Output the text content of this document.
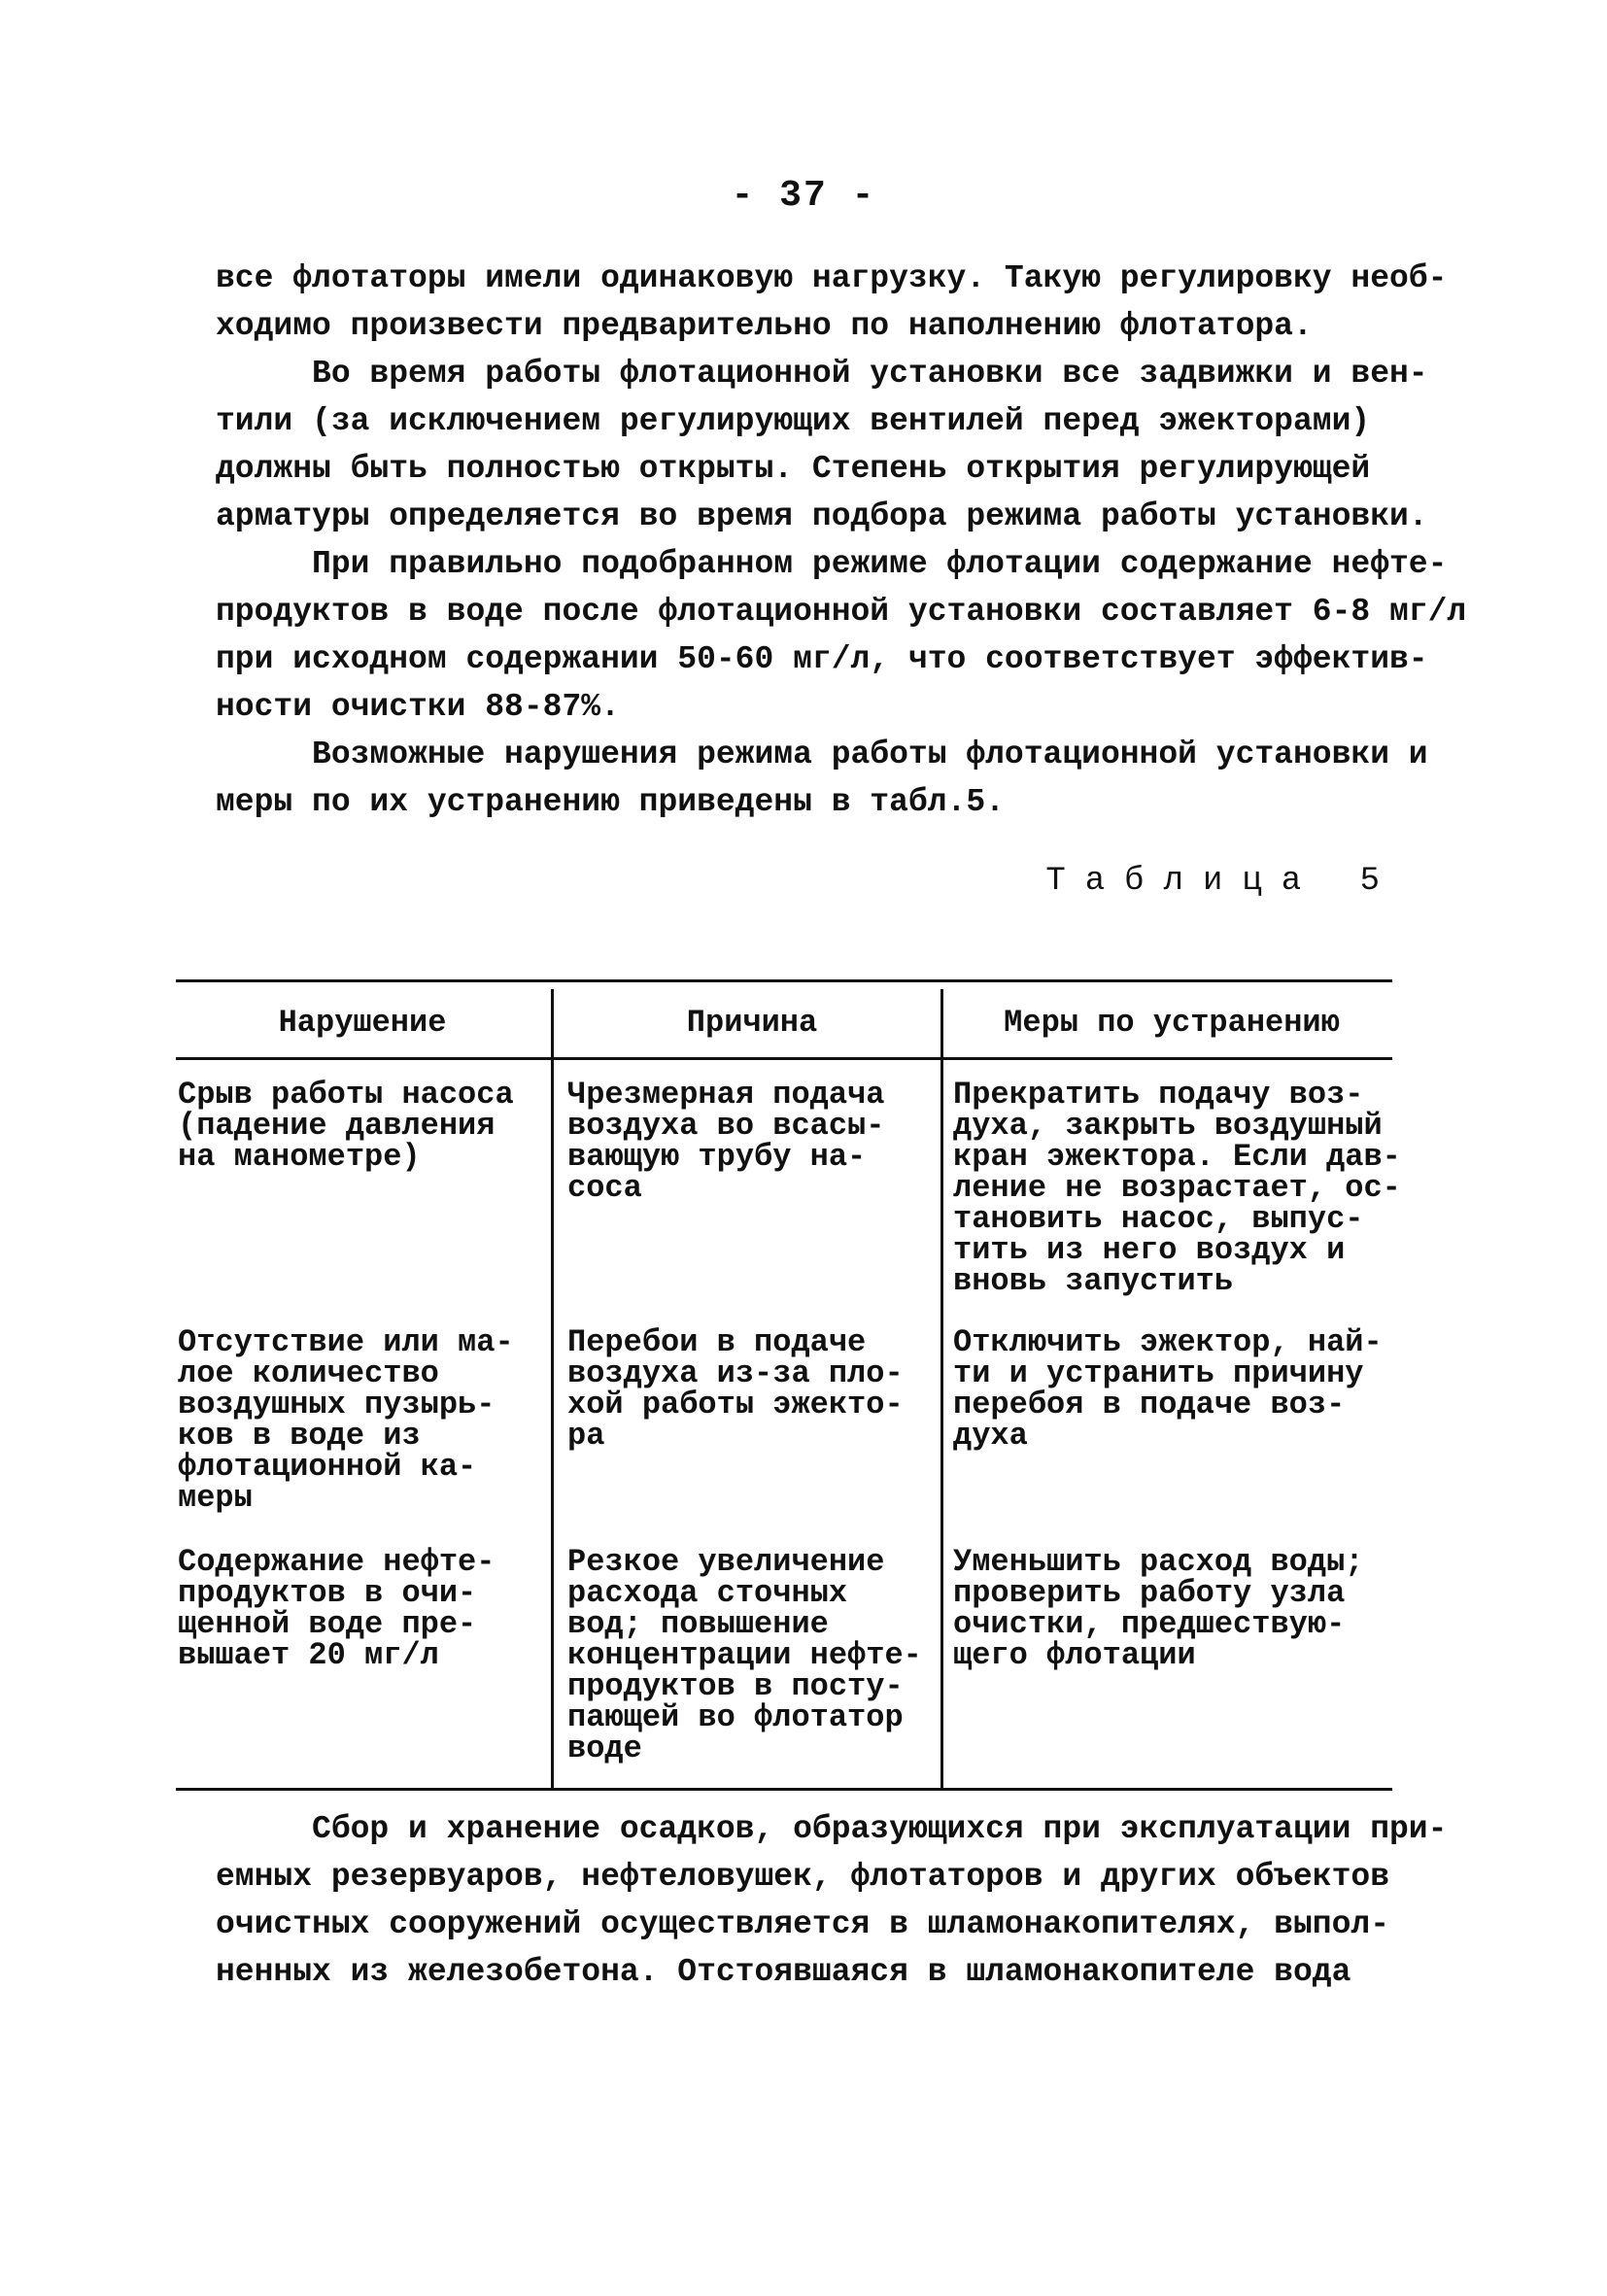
- 37 -
все флотаторы имели одинаковую нагрузку. Такую регулировку необ-
ходимо произвести предварительно по наполнению флотатора.
Во время работы флотационной установки все задвижки и вен-
тили (за исключением регулирующих вентилей перед эжекторами)
должны быть полностью открыты. Степень открытия регулирующей
арматуры определяется во время подбора режима работы установки.
При правильно подобранном режиме флотации содержание нефте-
продуктов в воде после флотационной установки составляет 6-8 мг/л
при исходном содержании 50-60 мг/л, что соответствует эффектив-
ности очистки 88-87%.
Возможные нарушения режима работы флотационной установки и
меры по их устранению приведены в табл.5.
Таблица 5
Нарушение	Причина	Меры по устранению
Срыв работы насоса
(падение давления
на манометре)
Чрезмерная подача
воздуха во всасы-
вающую трубу на-
соса
Прекратить подачу воз-
духа, закрыть воздушный
кран эжектора. Если дав-
ление не возрастает, ос-
тановить насос, выпус-
тить из него воздух и
вновь запустить
Отсутствие или ма-
лое количество
воздушных пузырь-
ков в воде из
флотационной ка-
меры
Перебои в подаче
воздуха из-за пло-
хой работы эжекто-
ра
Отключить эжектор, най-
ти и устранить причину
перебоя в подаче воз-
духа
Содержание нефте-
продуктов в очи-
щенной воде пре-
вышает 20 мг/л
Резкое увеличение
расхода сточных
вод; повышение
концентрации нефте-
продуктов в посту-
пающей во флотатор
воде
Уменьшить расход воды;
проверить работу узла
очистки, предшествую-
щего флотации
Сбор и хранение осадков, образующихся при эксплуатации при-
емных резервуаров, нефтеловушек, флотаторов и других объектов
очистных сооружений осуществляется в шламонакопителях, выпол-
ненных из железобетона. Отстоявшаяся в шламонакопителе вода
